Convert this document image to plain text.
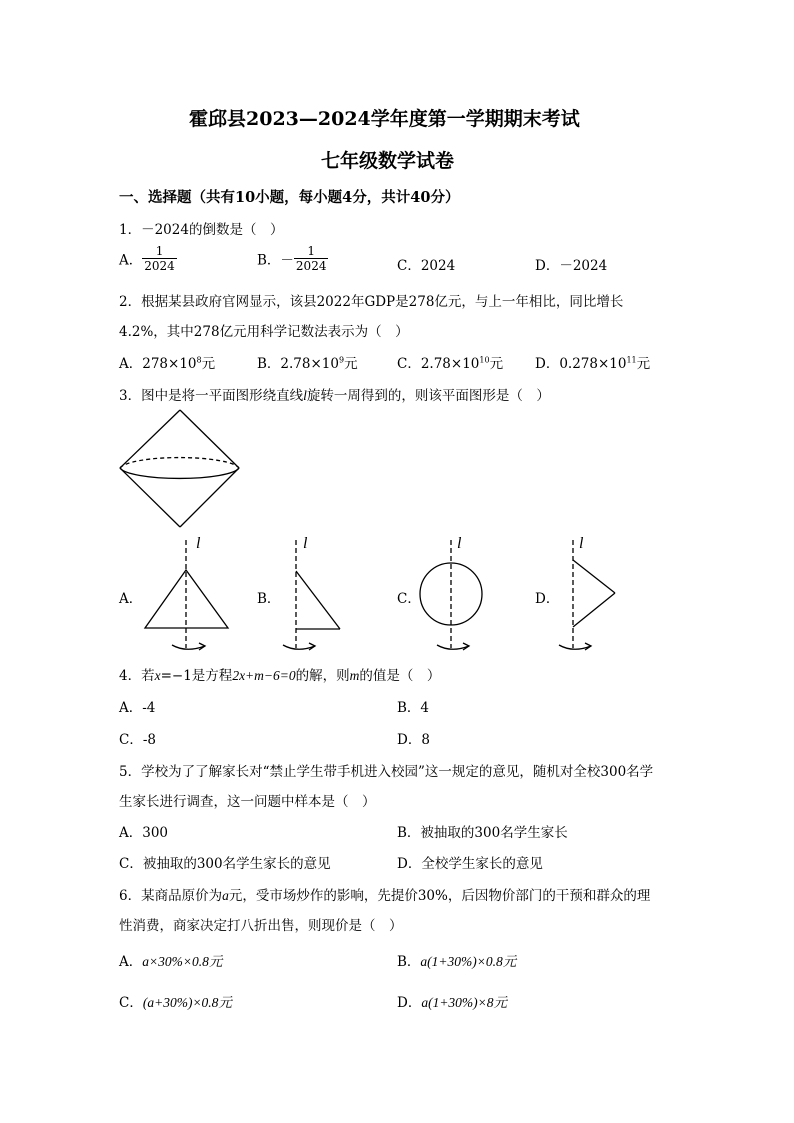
霍邱县2023—2024学年度第一学期期末考试
七年级数学试卷
一、选择题（共有10小题，每小题4分，共计40分）
1．－2024的倒数是（　）
A． $\frac{1}{2024}$	B．－ $\frac{1}{2024}$	C．2024	D．－2024
2．根据某县政府官网显示，该县2022年GDP是278亿元，与上一年相比，同比增长
4.2%，其中278亿元用科学记数法表示为（　）
A．$278\times 10^8$元	B．$2.78\times 10^9$元	C．$2.78\times 10^{10}$元 D．$0.278\times 10^{11}$元
3．图中是将一平面图形绕直线l旋转一周得到的，则该平面图形是（　）
A．
l
B．
l
C．
l
D．
l
4．若x=−1是方程2x+m−6=0的解，则m的值是（　）
A．-4	B．4
C．-8	D．8
5．学校为了了解家长对“禁止学生带手机进入校园”这一规定的意见，随机对全校300名学
生家长进行调查，这一问题中样本是（　）
A．300	B．被抽取的300名学生家长
C．被抽取的300名学生家长的意见	D．全校学生家长的意见
6．某商品原价为a元，受市场炒作的影响，先提价30%，后因物价部门的干预和群众的理
性消费，商家决定打八折出售，则现价是（　）
A．a×30%×0.8元	B．a(1+30%)×0.8元
C．(a+30%)×0.8元	D．a(1+30%)×8元
